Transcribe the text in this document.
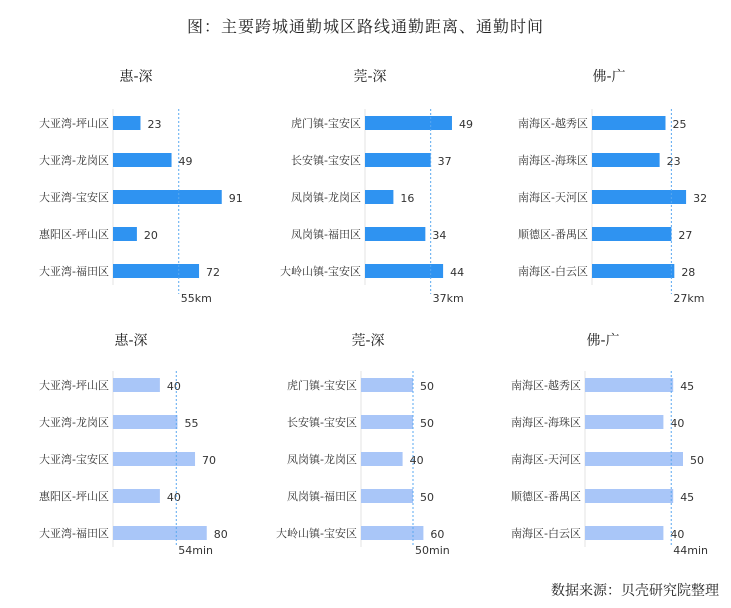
图：主要跨城通勤城区路线通勤距离、通勤时间
惠-深
大亚湾-坪山区	23
大亚湾-龙岗区	49
大亚湾-宝安区	91
惠阳区-坪山区	20
大亚湾-福田区	72
55km
莞-深
虎门镇-宝安区	49
长安镇-宝安区	37
凤岗镇-龙岗区	16
凤岗镇-福田区	34
大岭山镇-宝安区	44
37km
佛-广
南海区-越秀区	25
南海区-海珠区	23
南海区-天河区	32
顺德区-番禺区	27
南海区-白云区	28
27km
惠-深
大亚湾-坪山区	40
大亚湾-龙岗区	55
大亚湾-宝安区	70
惠阳区-坪山区	40
大亚湾-福田区	80
54min
莞-深
虎门镇-宝安区	50
长安镇-宝安区	50
凤岗镇-龙岗区	40
凤岗镇-福田区	50
大岭山镇-宝安区	60
50min
佛-广
南海区-越秀区	45
南海区-海珠区	40
南海区-天河区	50
顺德区-番禺区	45
南海区-白云区	40
44min
数据来源：贝壳研究院整理
